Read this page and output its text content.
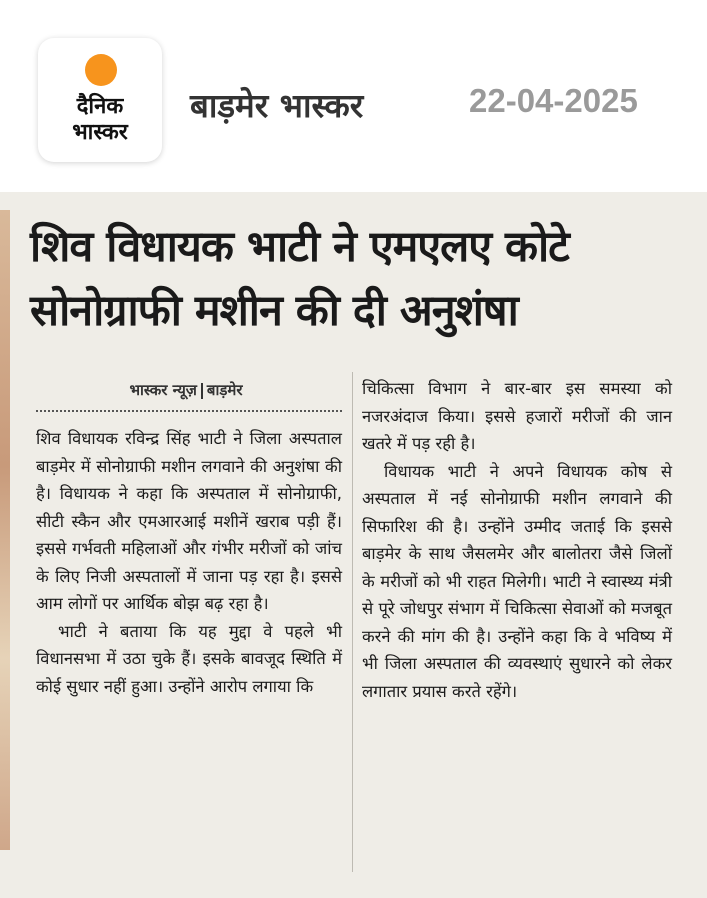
दैनिक
भास्कर
बाड़मेर भास्कर	22-04-2025
शिव विधायक भाटी ने एमएलए कोटे
सोनोग्राफी मशीन की दी अनुशंषा
भास्कर न्यूज़ बाड़मेर

शिव विधायक रविन्द्र सिंह भाटी ने जिला अस्पताल बाड़मेर में सोनोग्राफी मशीन लगवाने की अनुशंषा की है। विधायक ने कहा कि अस्पताल में सोनोग्राफी, सीटी स्कैन और एमआरआई मशीनें खराब पड़ी हैं। इससे गर्भवती महिलाओं और गंभीर मरीजों को जांच के लिए निजी अस्पतालों में जाना पड़ रहा है। इससे आम लोगों पर आर्थिक बोझ बढ़ रहा है।

भाटी ने बताया कि यह मुद्दा वे पहले भी विधानसभा में उठा चुके हैं। इसके बावजूद स्थिति में कोई सुधार नहीं हुआ। उन्होंने आरोप लगाया कि

चिकित्सा विभाग ने बार-बार इस समस्या को नजरअंदाज किया। इससे हजारों मरीजों की जान खतरे में पड़ रही है।

विधायक भाटी ने अपने विधायक कोष से अस्पताल में नई सोनोग्राफी मशीन लगवाने की सिफारिश की है। उन्होंने उम्मीद जताई कि इससे बाड़मेर के साथ जैसलमेर और बालोतरा जैसे जिलों के मरीजों को भी राहत मिलेगी। भाटी ने स्वास्थ्य मंत्री से पूरे जोधपुर संभाग में चिकित्सा सेवाओं को मजबूत करने की मांग की है। उन्होंने कहा कि वे भविष्य में भी जिला अस्पताल की व्यवस्थाएं सुधारने को लेकर लगातार प्रयास करते रहेंगे।
